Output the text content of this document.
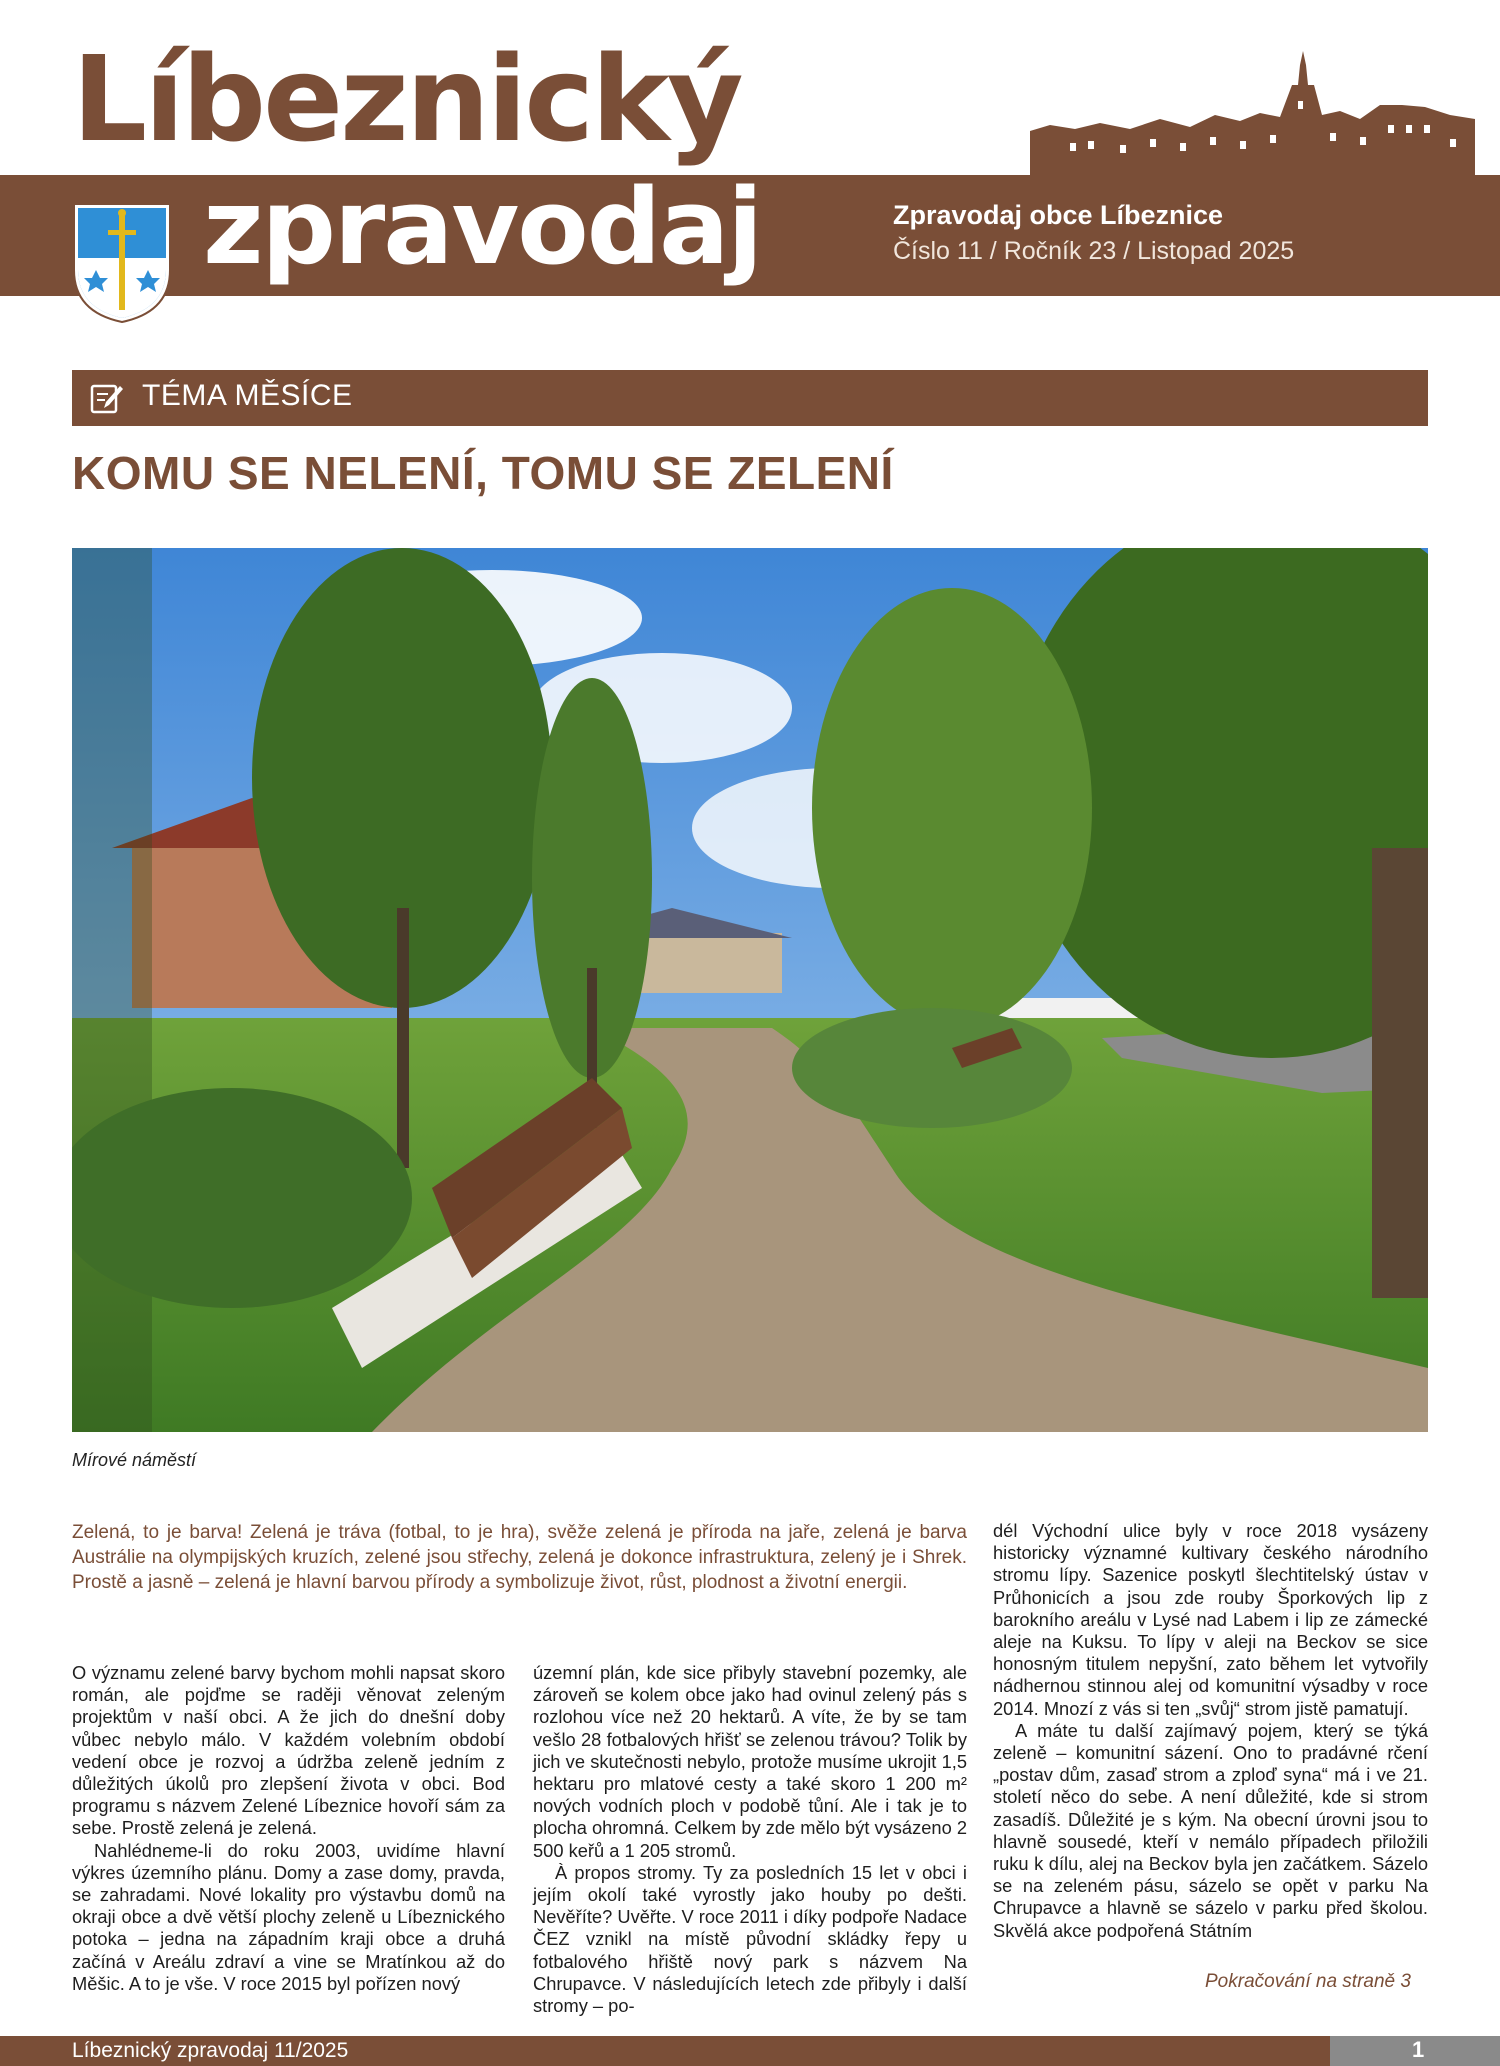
Líbeznický
zpravodaj	Zpravodaj obce Líbeznice
Číslo 11 / Ročník 23 / Listopad 2025
TÉMA MĚSÍCE
KOMU SE NELENÍ, TOMU SE ZELENÍ
Mírové náměstí
Zelená, to je barva! Zelená je tráva (fotbal, to je hra), svěže zelená je příroda na jaře, zelená je barva Austrálie na olympijských kruzích, zelené jsou střechy, zelená je dokonce infrastruktura, zelený je i Shrek. Prostě a jasně – zelená je hlavní barvou přírody a symbolizuje život, růst, plodnost a životní energii.

O významu zelené barvy bychom mohli napsat skoro román, ale pojďme se raději věnovat zeleným projektům v naší obci. A že jich do dnešní doby vůbec nebylo málo. V každém volebním období vedení obce je rozvoj a údržba zeleně jedním z důležitých úkolů pro zlepšení života v obci. Bod programu s názvem Zelené Líbeznice hovoří sám za sebe. Prostě zelená je zelená.

Nahlédneme-li do roku 2003, uvidíme hlavní výkres územního plánu. Domy a zase domy, pravda, se zahradami. Nové lokality pro výstavbu domů na okraji obce a dvě větší plochy zeleně u Líbeznického potoka – jedna na západním kraji obce a druhá začíná v Areálu zdraví a vine se Mratínkou až do Měšic. A to je vše. V roce 2015 byl pořízen nový

územní plán, kde sice přibyly stavební pozemky, ale zároveň se kolem obce jako had ovinul zelený pás s rozlohou více než 20 hektarů. A víte, že by se tam vešlo 28 fotbalových hřišť se zelenou trávou? Tolik by jich ve skutečnosti nebylo, protože musíme ukrojit 1,5 hektaru pro mlatové cesty a také skoro 1 200 m² nových vodních ploch v podobě tůní. Ale i tak je to plocha ohromná. Celkem by zde mělo být vysázeno 2 500 keřů a 1 205 stromů.

À propos stromy. Ty za posledních 15 let v obci i jejím okolí také vyrostly jako houby po dešti. Nevěříte? Uvěřte. V roce 2011 i díky podpoře Nadace ČEZ vznikl na místě původní skládky řepy u fotbalového hřiště nový park s názvem Na Chrupavce. V následujících letech zde přibyly i další stromy – po-

dél Východní ulice byly v roce 2018 vysázeny historicky významné kultivary českého národního stromu lípy. Sazenice poskytl šlechtitelský ústav v Průhonicích a jsou zde rouby Šporkových lip z barokního areálu v Lysé nad Labem i lip ze zámecké aleje na Kuksu. To lípy v aleji na Beckov se sice honosným titulem nepyšní, zato během let vytvořily nádhernou stinnou alej od komunitní výsadby v roce 2014. Mnozí z vás si ten „svůj“ strom jistě pamatují.

A máte tu další zajímavý pojem, který se týká zeleně – komunitní sázení. Ono to pradávné rčení „postav dům, zasaď strom a zploď syna“ má i ve 21. století něco do sebe. A není důležité, kde si strom zasadíš. Důležité je s kým. Na obecní úrovni jsou to hlavně sousedé, kteří v nemálo případech přiložili ruku k dílu, alej na Beckov byla jen začátkem. Sázelo se na zeleném pásu, sázelo se opět v parku Na Chrupavce a hlavně se sázelo v parku před školou. Skvělá akce podpořená Státním

Pokračování na straně 3
Líbeznický zpravodaj 11/2025	1
